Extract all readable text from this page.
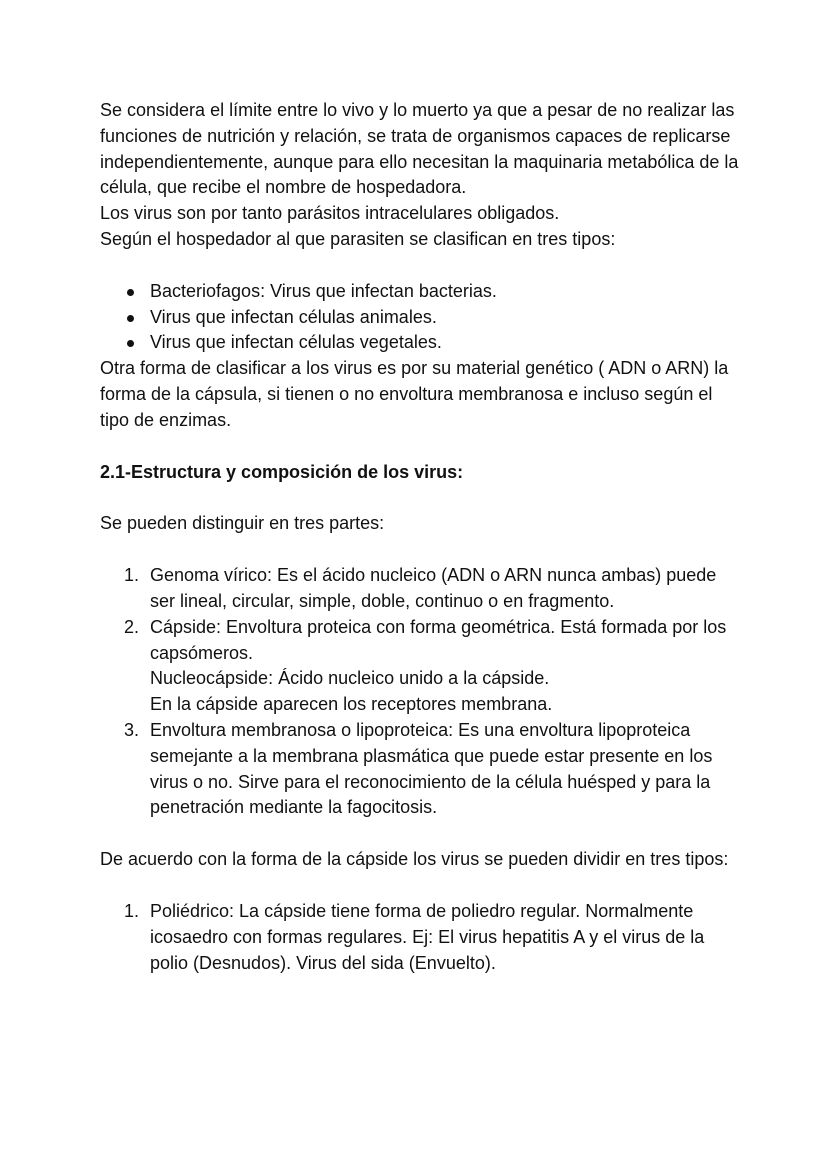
Se considera el límite entre lo vivo y lo muerto ya que a pesar de no realizar las funciones de nutrición y relación, se trata de organismos capaces de replicarse independientemente, aunque para ello necesitan la maquinaria metabólica de la célula, que recibe el nombre de hospedadora.

Los virus son por tanto parásitos intracelulares obligados.

Según el hospedador al que parasiten se clasifican en tres tipos:

Bacteriofagos: Virus que infectan bacterias.
Virus que infectan células animales.
Virus que infectan células vegetales.

Otra forma de clasificar a los virus es por su material genético ( ADN o ARN) la forma de la cápsula, si tienen o no envoltura membranosa e incluso según el tipo de enzimas.

2.1-Estructura y composición de los virus:

Se pueden distinguir en tres partes:

1. Genoma vírico: Es el ácido nucleico (ADN o ARN nunca ambas) puede ser lineal, circular, simple, doble, continuo o en fragmento.

2. Cápside: Envoltura proteica con forma geométrica. Está formada por los capsómeros.

Nucleocápside: Ácido nucleico unido a la cápside.

En la cápside aparecen los receptores membrana.

3. Envoltura membranosa o lipoproteica: Es una envoltura lipoproteica semejante a la membrana plasmática que puede estar presente en los virus o no. Sirve para el reconocimiento de la célula huésped y para la penetración mediante la fagocitosis.

De acuerdo con la forma de la cápside los virus se pueden dividir en tres tipos:

1. Poliédrico: La cápside tiene forma de poliedro regular. Normalmente icosaedro con formas regulares. Ej: El virus hepatitis A y el virus de la polio (Desnudos). Virus del sida (Envuelto).
